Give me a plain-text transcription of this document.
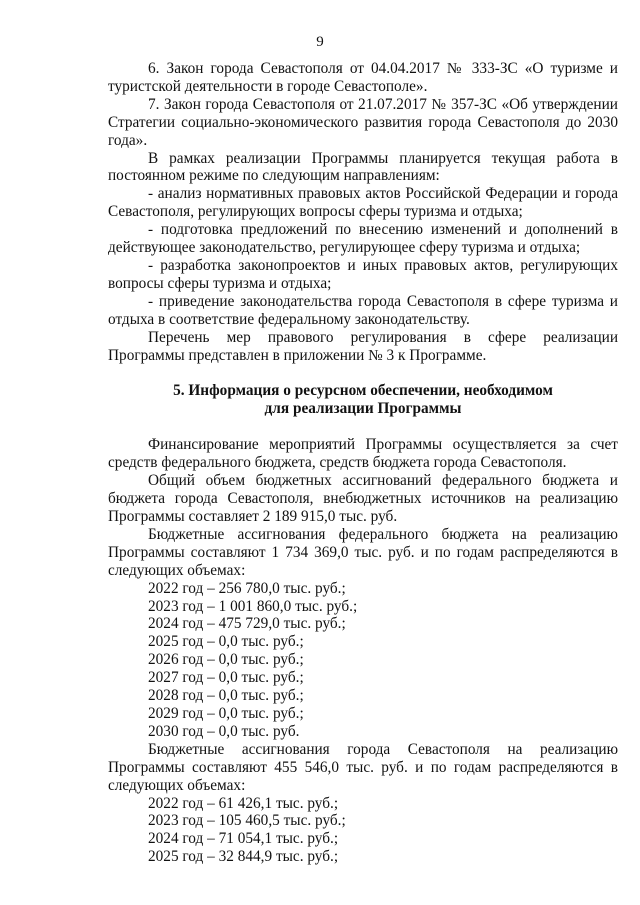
9

6. Закон города Севастополя от 04.04.2017 № 333-ЗС «О туризме и туристской деятельности в городе Севастополе».

7. Закон города Севастополя от 21.07.2017 № 357-ЗС «Об утверждении Стратегии социально-экономического развития города Севастополя до 2030 года».

В рамках реализации Программы планируется текущая работа в постоянном режиме по следующим направлениям:

- анализ нормативных правовых актов Российской Федерации и города Севастополя, регулирующих вопросы сферы туризма и отдыха;

- подготовка предложений по внесению изменений и дополнений в действующее законодательство, регулирующее сферу туризма и отдыха;

- разработка законопроектов и иных правовых актов, регулирующих вопросы сферы туризма и отдыха;

- приведение законодательства города Севастополя в сфере туризма и отдыха в соответствие федеральному законодательству.

Перечень мер правового регулирования в сфере реализации Программы представлен в приложении № 3 к Программе.

5. Информация о ресурсном обеспечении, необходимом
для реализации Программы

Финансирование мероприятий Программы осуществляется за счет средств федерального бюджета, средств бюджета города Севастополя.

Общий объем бюджетных ассигнований федерального бюджета и бюджета города Севастополя, внебюджетных источников на реализацию Программы составляет 2 189 915,0 тыс. руб.

Бюджетные ассигнования федерального бюджета на реализацию Программы составляют 1 734 369,0 тыс. руб. и по годам распределяются в следующих объемах:

2022 год – 256 780,0 тыс. руб.;

2023 год – 1 001 860,0 тыс. руб.;

2024 год – 475 729,0 тыс. руб.;

2025 год – 0,0 тыс. руб.;

2026 год – 0,0 тыс. руб.;

2027 год – 0,0 тыс. руб.;

2028 год – 0,0 тыс. руб.;

2029 год – 0,0 тыс. руб.;

2030 год – 0,0 тыс. руб.

Бюджетные ассигнования города Севастополя на реализацию Программы составляют 455 546,0 тыс. руб. и по годам распределяются в следующих объемах:

2022 год – 61 426,1 тыс. руб.;

2023 год – 105 460,5 тыс. руб.;

2024 год – 71 054,1 тыс. руб.;

2025 год – 32 844,9 тыс. руб.;
